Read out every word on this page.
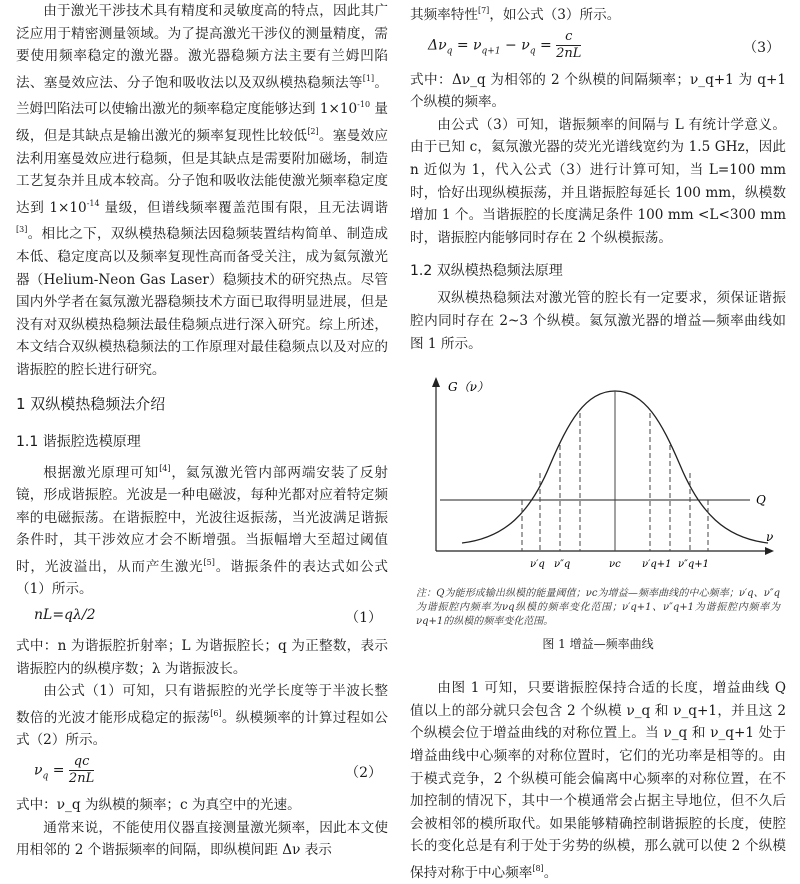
由于激光干涉技术具有精度和灵敏度高的特点，因此其广泛应用于精密测量领域。为了提高激光干涉仪的测量精度，需要使用频率稳定的激光器。激光器稳频方法主要有兰姆凹陷法、塞曼效应法、分子饱和吸收法以及双纵模热稳频法等[1]。兰姆凹陷法可以使输出激光的频率稳定度能够达到 $1\times 10^{-10}$ 量级，但是其缺点是输出激光的频率复现性比较低[2]。塞曼效应法利用塞曼效应进行稳频，但是其缺点是需要附加磁场，制造工艺复杂并且成本较高。分子饱和吸收法能使激光频率稳定度达到 $1\times 10^{-14}$ 量级，但谱线频率覆盖范围有限，且无法调谐[3]。相比之下，双纵模热稳频法因稳频装置结构简单、制造成本低、稳定度高以及频率复现性高而备受关注，成为氦氖激光器（Helium-Neon Gas Laser）稳频技术的研究热点。尽管国内外学者在氦氖激光器稳频技术方面已取得明显进展，但是没有对双纵模热稳频法最佳稳频点进行深入研究。综上所述，本文结合双纵模热稳频法的工作原理对最佳稳频点以及对应的谐振腔的腔长进行研究。

1 双纵模热稳频法介绍
1.1 谐振腔选模原理

根据激光原理可知[4]，氦氖激光管内部两端安装了反射镜，形成谐振腔。光波是一种电磁波，每种光都对应着特定频率的电磁振荡。在谐振腔中，光波往返振荡，当光波满足谐振条件时，其干涉效应才会不断增强。当振幅增大至超过阈值时，光波溢出，从而产生激光[5]。谐振条件的表达式如公式（1）所示。

nL=qλ/2	（1）

式中：n 为谐振腔折射率；L 为谐振腔长；q 为正整数，表示谐振腔内的纵模序数；λ 为谐振波长。

由公式（1）可知，只有谐振腔的光学长度等于半波长整数倍的光波才能形成稳定的振荡[6]。纵模频率的计算过程如公式（2）所示。

$\nu_q = \frac{qc}{2nL}$	（2）

式中：ν_q 为纵模的频率；c 为真空中的光速。

通常来说，不能使用仪器直接测量激光频率，因此本文使用相邻的 2 个谐振频率的间隔，即纵模间距 Δν 表示

其频率特性[7]，如公式（3）所示。

$\Delta\nu_q = \nu_{q+1} - \nu_q = \frac{c}{2nL}$	（3）

式中：Δν_q 为相邻的 2 个纵模的间隔频率；ν_q+1 为 q+1 个纵模的频率。

由公式（3）可知，谐振频率的间隔与 L 有统计学意义。由于已知 c，氦氖激光器的荧光光谱线宽约为 1.5 GHz，因此 n 近似为 1，代入公式（3）进行计算可知，当 L=100 mm 时，恰好出现纵模振荡，并且谐振腔每延长 100 mm，纵模数增加 1 个。当谐振腔的长度满足条件 100 mm <L<300 mm 时，谐振腔内能够同时存在 2 个纵模振荡。

1.2 双纵模热稳频法原理

双纵模热稳频法对激光管的腔长有一定要求，须保证谐振腔内同时存在 2~3 个纵模。氦氖激光器的增益—频率曲线如图 1 所示。

G（ν）
ν
Q
ν′q ν″q	νc ν′q+1 ν″q+1

注：Q为能形成输出纵模的能量阈值；νc为增益—频率曲线的中心频率；ν′q、ν″q为谐振腔内频率为νq纵模的频率变化范围；ν′q+1、ν″q+1为谐振腔内频率为νq+1的纵模的频率变化范围。

图 1 增益—频率曲线

由图 1 可知，只要谐振腔保持合适的长度，增益曲线 Q 值以上的部分就只会包含 2 个纵模 ν_q 和 ν_q+1，并且这 2 个纵模会位于增益曲线的对称位置上。当 ν_q 和 ν_q+1 处于增益曲线中心频率的对称位置时，它们的光功率是相等的。由于模式竞争，2 个纵模可能会偏离中心频率的对称位置，在不加控制的情况下，其中一个模通常会占据主导地位，但不久后会被相邻的模所取代。如果能够精确控制谐振腔的长度，使腔长的变化总是有利于处于劣势的纵模，那么就可以使 2 个纵模保持对称于中心频率[8]。
